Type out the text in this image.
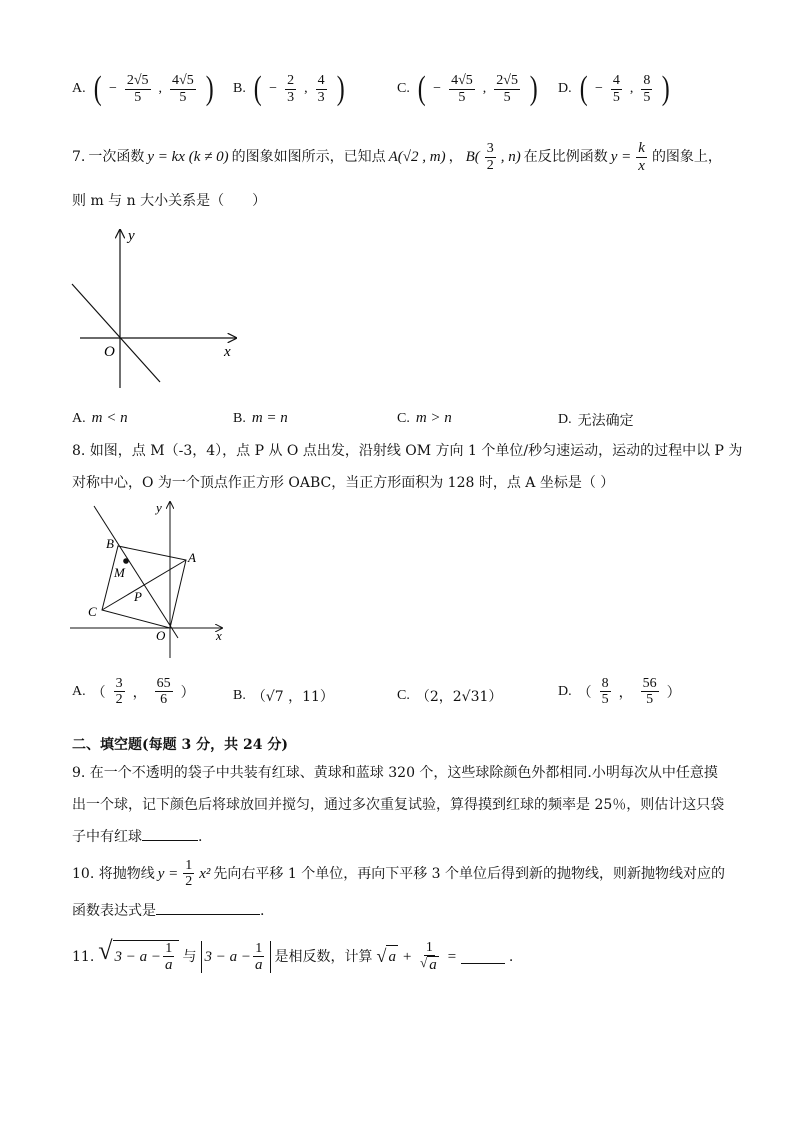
A. ( − $\frac{2√5}{5}$ , $\frac{4√5}{5}$ ) B. ( − $\frac{2}{3}$ , $\frac{4}{3}$ )	C. ( − $\frac{4√5}{5}$ , $\frac{2√5}{5}$ ) D. ( − $\frac{4}{5}$ , $\frac{8}{5}$ )
7. 一次函数 y = kx (k ≠ 0) 的图象如图所示，已知点 A(√2 , m) ， $B( \frac{3}{2}$ , n) 在反比例函数 $y = \frac{k}{x}$ 的图象上，
则 m 与 n 大小关系是（　　）
y
x
O
A. m < n	B. m = n	C. m > n	D. 无法确定
8. 如图，点 M（-3，4），点 P 从 O 点出发，沿射线 OM 方向 1 个单位/秒匀速运动，运动的过程中以 P 为
对称中心，O 为一个顶点作正方形 OABC，当正方形面积为 128 时，点 A 坐标是（ ）
B
M
A
P
C
O	x
y
A. （ $\frac{3}{2}$ ， $\frac{65}{6}$ ）	B. （√7 ，11）	C. （2，2√31）	D. （ $\frac{8}{5}$ ， $\frac{56}{5}$ ）
二、填空题(每题 3 分，共 24 分)
9. 在一个不透明的袋子中共装有红球、黄球和蓝球 320 个，这些球除颜色外都相同.小明每次从中任意摸
出一个球，记下颜色后将球放回并搅匀，通过多次重复试验，算得摸到红球的频率是 25％，则估计这只袋
子中有红球	.
10. 将抛物线 $y = \frac{1}{2} x^2$ 先向右平移 1 个单位，再向下平移 3 个单位后得到新的抛物线，则新抛物线对应的
函数表达式是	.
11. √ $3 - a - \frac{1}{a}$ 与 $3 - a - \frac{1}{a}$ 是相反数，计算 √ $a + \frac{1}{√ a}$ =	.
